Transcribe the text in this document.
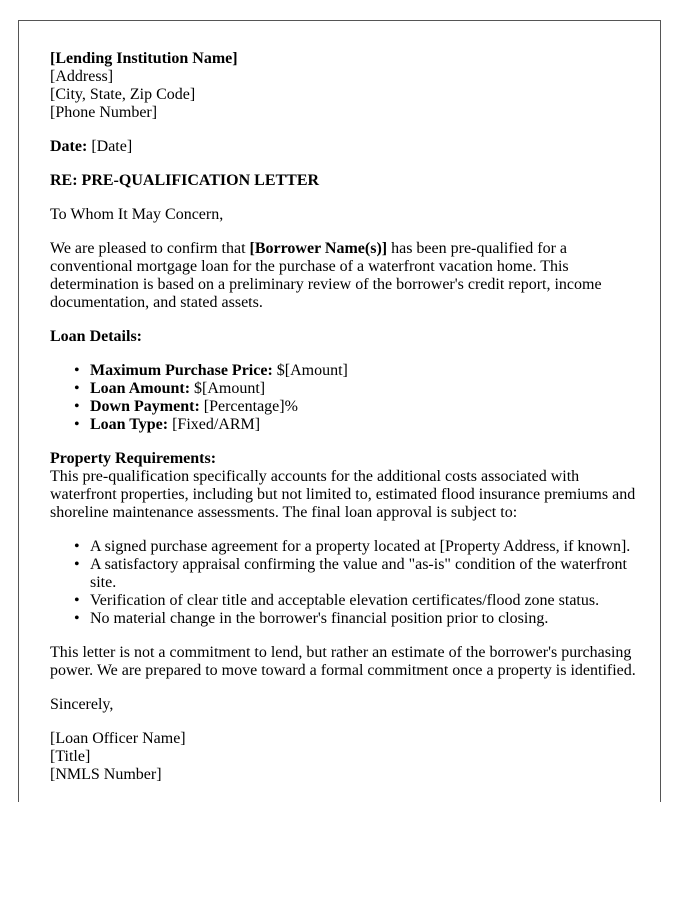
[Lending Institution Name]

[Address]

[City, State, Zip Code]

[Phone Number]

Date: [Date]

RE: PRE-QUALIFICATION LETTER

To Whom It May Concern,

We are pleased to confirm that [Borrower Name(s)] has been pre-qualified for a conventional mortgage loan for the purchase of a waterfront vacation home. This determination is based on a preliminary review of the borrower's credit report, income documentation, and stated assets.

Loan Details:

• Maximum Purchase Price: $[Amount]
• Loan Amount: $[Amount]
• Down Payment: [Percentage]%
• Loan Type: [Fixed/ARM]

Property Requirements:

This pre-qualification specifically accounts for the additional costs associated with waterfront properties, including but not limited to, estimated flood insurance premiums and shoreline maintenance assessments. The final loan approval is subject to:

• A signed purchase agreement for a property located at [Property Address, if known].
• A satisfactory appraisal confirming the value and "as-is" condition of the waterfront site.
• Verification of clear title and acceptable elevation certificates/flood zone status.
• No material change in the borrower's financial position prior to closing.

This letter is not a commitment to lend, but rather an estimate of the borrower's purchasing power. We are prepared to move toward a formal commitment once a property is identified.

Sincerely,

[Loan Officer Name]

[Title]

[NMLS Number]
